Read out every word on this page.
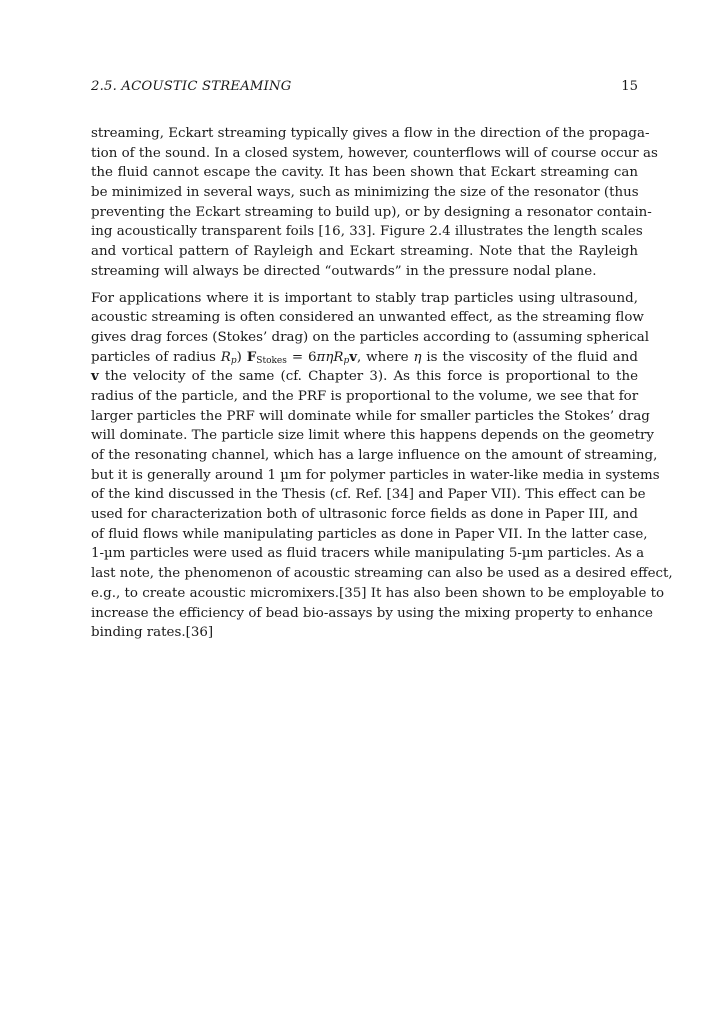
2.5. ACOUSTIC STREAMING	15
streaming, Eckart streaming typically gives a flow in the direction of the propaga-
tion of the sound. In a closed system, however, counterflows will of course occur as
the fluid cannot escape the cavity. It has been shown that Eckart streaming can
be minimized in several ways, such as minimizing the size of the resonator (thus
preventing the Eckart streaming to build up), or by designing a resonator contain-
ing acoustically transparent foils [16, 33]. Figure 2.4 illustrates the length scales
and vortical pattern of Rayleigh and Eckart streaming. Note that the Rayleigh
streaming will always be directed “outwards” in the pressure nodal plane.
For applications where it is important to stably trap particles using ultrasound,
acoustic streaming is often considered an unwanted effect, as the streaming flow
gives drag forces (Stokes’ drag) on the particles according to (assuming spherical
particles of radius $R_p$) $F_{Stokes} = 6\pi\eta R_pv$, where η is the viscosity of the fluid and
v the velocity of the same (cf. Chapter 3). As this force is proportional to the
radius of the particle, and the PRF is proportional to the volume, we see that for
larger particles the PRF will dominate while for smaller particles the Stokes’ drag
will dominate. The particle size limit where this happens depends on the geometry
of the resonating channel, which has a large influence on the amount of streaming,
but it is generally around 1 µm for polymer particles in water-like media in systems
of the kind discussed in the Thesis (cf. Ref. [34] and Paper VII). This effect can be
used for characterization both of ultrasonic force fields as done in Paper III, and
of fluid flows while manipulating particles as done in Paper VII. In the latter case,
1-µm particles were used as fluid tracers while manipulating 5-µm particles. As a
last note, the phenomenon of acoustic streaming can also be used as a desired effect,
e.g., to create acoustic micromixers.[35] It has also been shown to be employable to
increase the efficiency of bead bio-assays by using the mixing property to enhance
binding rates.[36]
